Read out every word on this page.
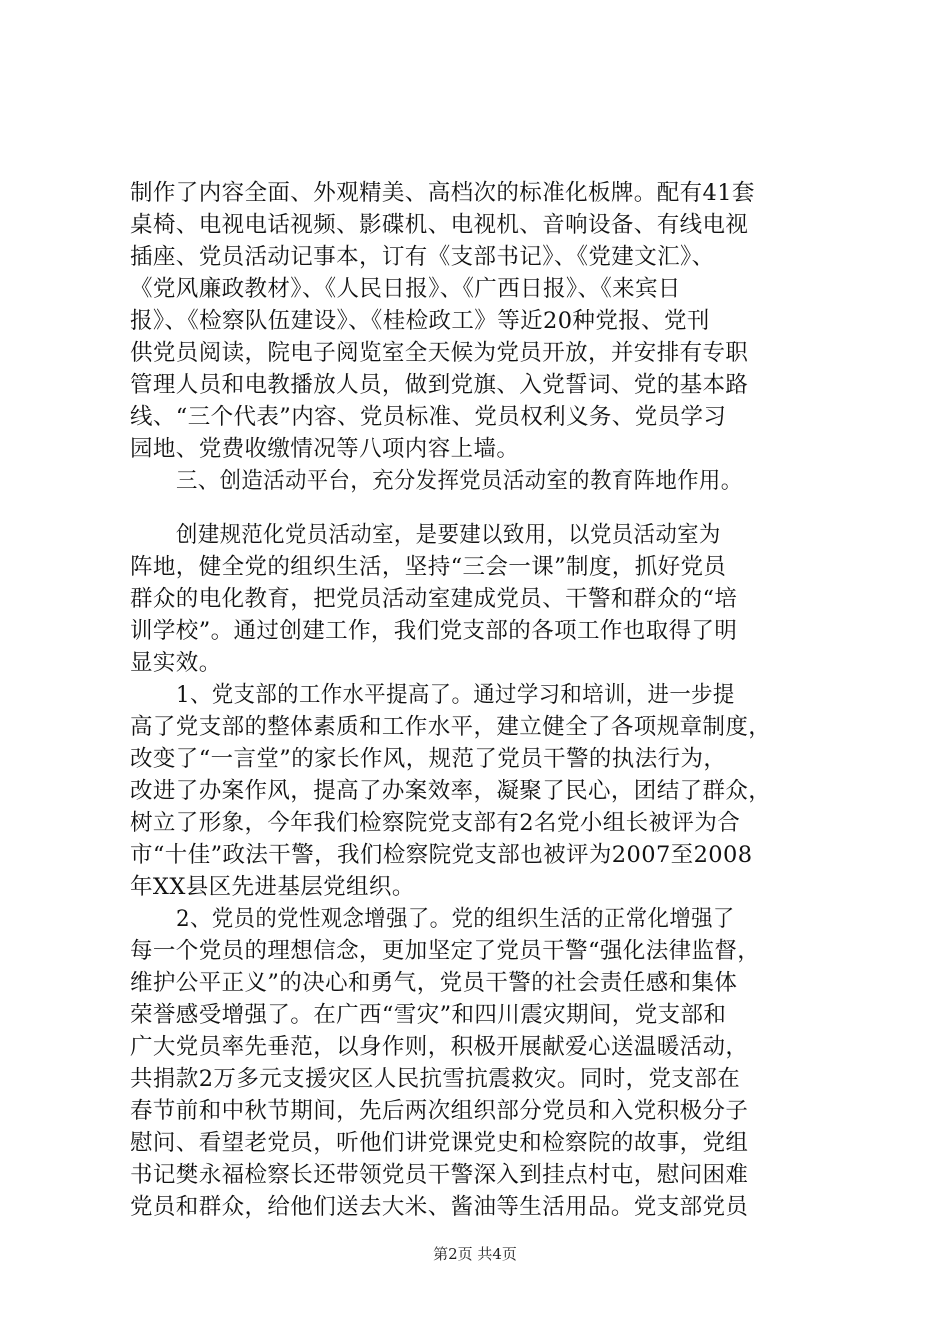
制作了内容全面、外观精美、高档次的标准化板牌。配有41套
桌椅、电视电话视频、影碟机、电视机、音响设备、有线电视
插座、党员活动记事本，订有《支部书记》、《党建文汇》、
《党风廉政教材》、《人民日报》、《广西日报》、《来宾日
报》、《检察队伍建设》、《桂检政工》等近20种党报、党刊
供党员阅读，院电子阅览室全天候为党员开放，并安排有专职
管理人员和电教播放人员，做到党旗、入党誓词、党的基本路
线、“三个代表”内容、党员标准、党员权利义务、党员学习
园地、党费收缴情况等八项内容上墙。
三、创造活动平台，充分发挥党员活动室的教育阵地作用。
创建规范化党员活动室，是要建以致用，以党员活动室为
阵地，健全党的组织生活，坚持“三会一课”制度，抓好党员
群众的电化教育，把党员活动室建成党员、干警和群众的“培
训学校”。通过创建工作，我们党支部的各项工作也取得了明
显实效。
1、党支部的工作水平提高了。通过学习和培训，进一步提
高了党支部的整体素质和工作水平，建立健全了各项规章制度，
改变了“一言堂”的家长作风，规范了党员干警的执法行为，
改进了办案作风，提高了办案效率，凝聚了民心，团结了群众，
树立了形象，今年我们检察院党支部有2名党小组长被评为合
市“十佳”政法干警，我们检察院党支部也被评为2007至2008
年XX县区先进基层党组织。
2、党员的党性观念增强了。党的组织生活的正常化增强了
每一个党员的理想信念，更加坚定了党员干警“强化法律监督，
维护公平正义”的决心和勇气，党员干警的社会责任感和集体
荣誉感受增强了。在广西“雪灾”和四川震灾期间，党支部和
广大党员率先垂范，以身作则，积极开展献爱心送温暖活动，
共捐款2万多元支援灾区人民抗雪抗震救灾。同时，党支部在
春节前和中秋节期间，先后两次组织部分党员和入党积极分子
慰问、看望老党员，听他们讲党课党史和检察院的故事，党组
书记樊永福检察长还带领党员干警深入到挂点村屯，慰问困难
党员和群众，给他们送去大米、酱油等生活用品。党支部党员
第2页 共4页
